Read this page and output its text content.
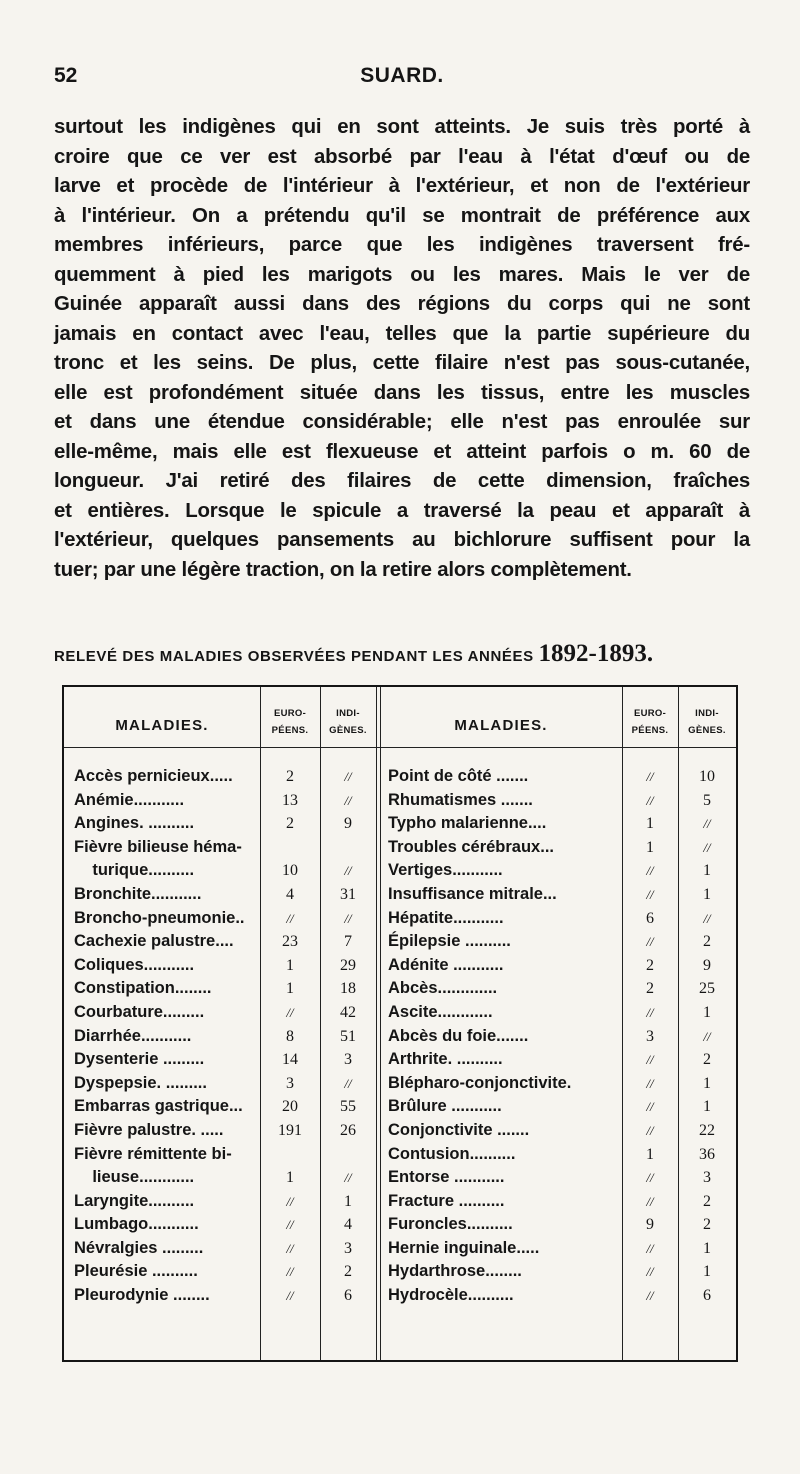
52	SUARD.
surtout les indigènes qui en sont atteints. Je suis très porté à
croire que ce ver est absorbé par l'eau à l'état d'œuf ou de
larve et procède de l'intérieur à l'extérieur, et non de l'extérieur
à l'intérieur. On a prétendu qu'il se montrait de préférence aux
membres inférieurs, parce que les indigènes traversent fré-
quemment à pied les marigots ou les mares. Mais le ver de
Guinée apparaît aussi dans des régions du corps qui ne sont
jamais en contact avec l'eau, telles que la partie supérieure du
tronc et les seins. De plus, cette filaire n'est pas sous-cutanée,
elle est profondément située dans les tissus, entre les muscles
et dans une étendue considérable; elle n'est pas enroulée sur
elle-même, mais elle est flexueuse et atteint parfois o m. 60 de
longueur. J'ai retiré des filaires de cette dimension, fraîches
et entières. Lorsque le spicule a traversé la peau et apparaît à
l'extérieur, quelques pansements au bichlorure suffisent pour la
tuer; par une légère traction, on la retire alors complètement.
RELEVÉ DES MALADIES OBSERVÉES PENDANT LES ANNÉES 1892-1893.
MALADIES.
EURO-
PÉENS.
INDI-
GÈNES.	MALADIES.
EURO-
PÉENS.
INDI-
GÈNES.
Accès pernicieux.....
Anémie...........
Angines. ..........
Fièvre bilieuse héma-
turique..........
Bronchite...........
Broncho-pneumonie..
Cachexie palustre....
Coliques...........
Constipation........
Courbature.........
Diarrhée...........
Dysenterie .........
Dyspepsie. .........
Embarras gastrique...
Fièvre palustre. .....
Fièvre rémittente bi-
lieuse............
Laryngite..........
Lumbago...........
Névralgies .........
Pleurésie ..........
Pleurodynie ........
2
13
2
10
4
//
23
1
1
//
8
14
3
20
191
1
//
//
//
//
//
//
//
9
//
31
//
7
29
18
42
51
3
//
55
26
//
1
4
3
2
6
Point de côté .......
Rhumatismes .......
Typho malarienne....
Troubles cérébraux...
Vertiges...........
Insuffisance mitrale...
Hépatite...........
Épilepsie ..........
Adénite ...........
Abcès.............
Ascite............
Abcès du foie.......
Arthrite. ..........
Blépharo-conjonctivite.
Brûlure ...........
Conjonctivite .......
Contusion..........
Entorse ...........
Fracture ..........
Furoncles..........
Hernie inguinale.....
Hydarthrose........
Hydrocèle..........
//
//
1
1
//
//
6
//
2
2
//
3
//
//
//
//
1
//
//
9
//
//
//
10
5
//
//
1
1
//
2
9
25
1
//
2
1
1
22
36
3
2
2
1
1
6
